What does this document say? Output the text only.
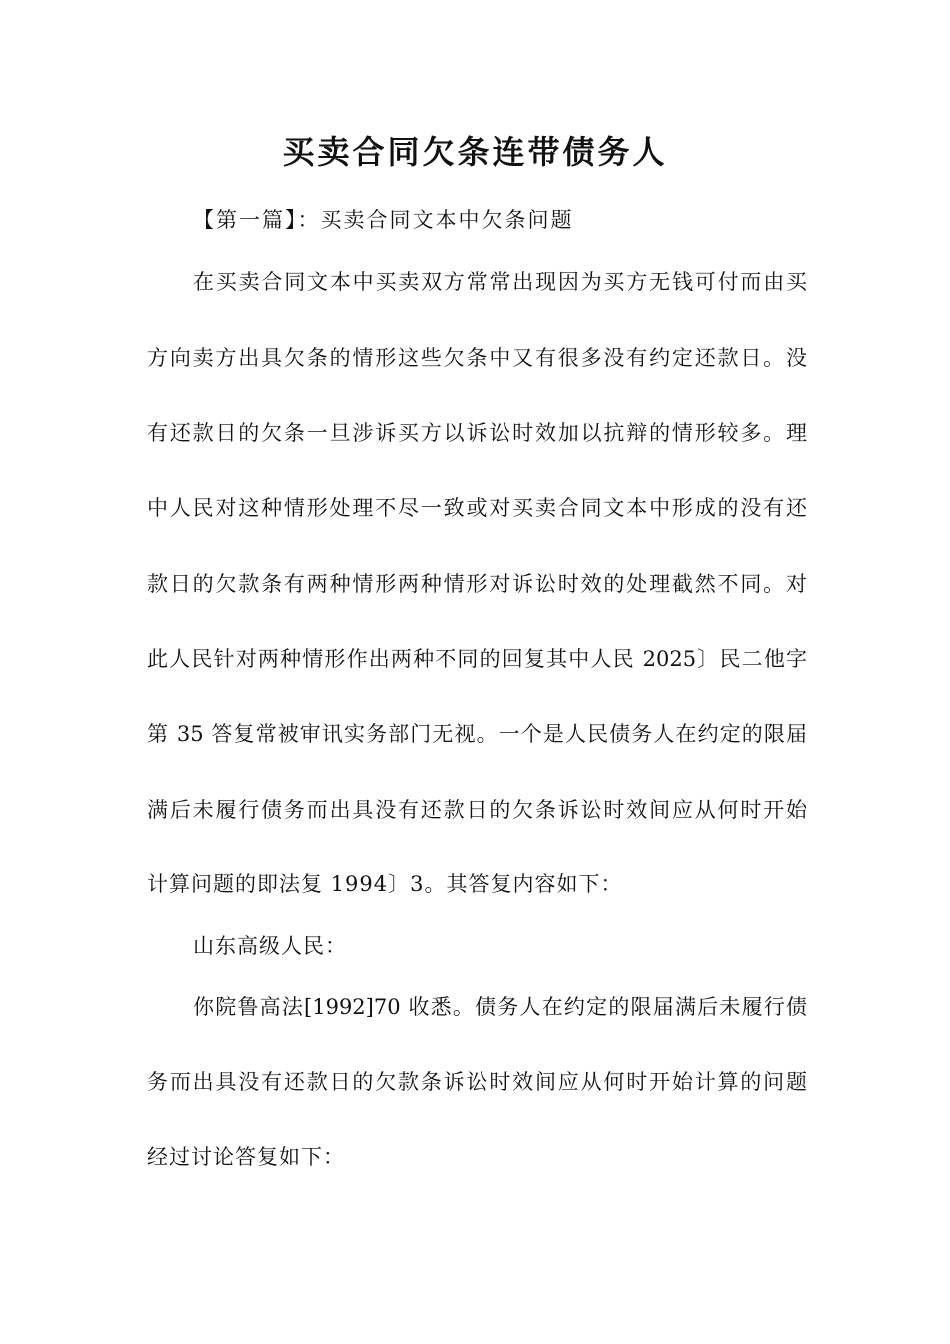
买卖合同欠条连带债务人

【第一篇】：买卖合同文本中欠条问题

在买卖合同文本中买卖双方常常出现因为买方无钱可付而由买

方向卖方出具欠条的情形这些欠条中又有很多没有约定还款日。没

有还款日的欠条一旦涉诉买方以诉讼时效加以抗辩的情形较多。理

中人民对这种情形处理不尽一致或对买卖合同文本中形成的没有还

款日的欠款条有两种情形两种情形对诉讼时效的处理截然不同。对

此人民针对两种情形作出两种不同的回复其中人民 2025〕民二他字

第 35 答复常被审讯实务部门无视。一个是人民债务人在约定的限届

满后未履行债务而出具没有还款日的欠条诉讼时效间应从何时开始

计算问题的即法复 1994〕3。其答复内容如下：

山东高级人民：

你院鲁高法[1992]70 收悉。债务人在约定的限届满后未履行债

务而出具没有还款日的欠款条诉讼时效间应从何时开始计算的问题

经过讨论答复如下：
